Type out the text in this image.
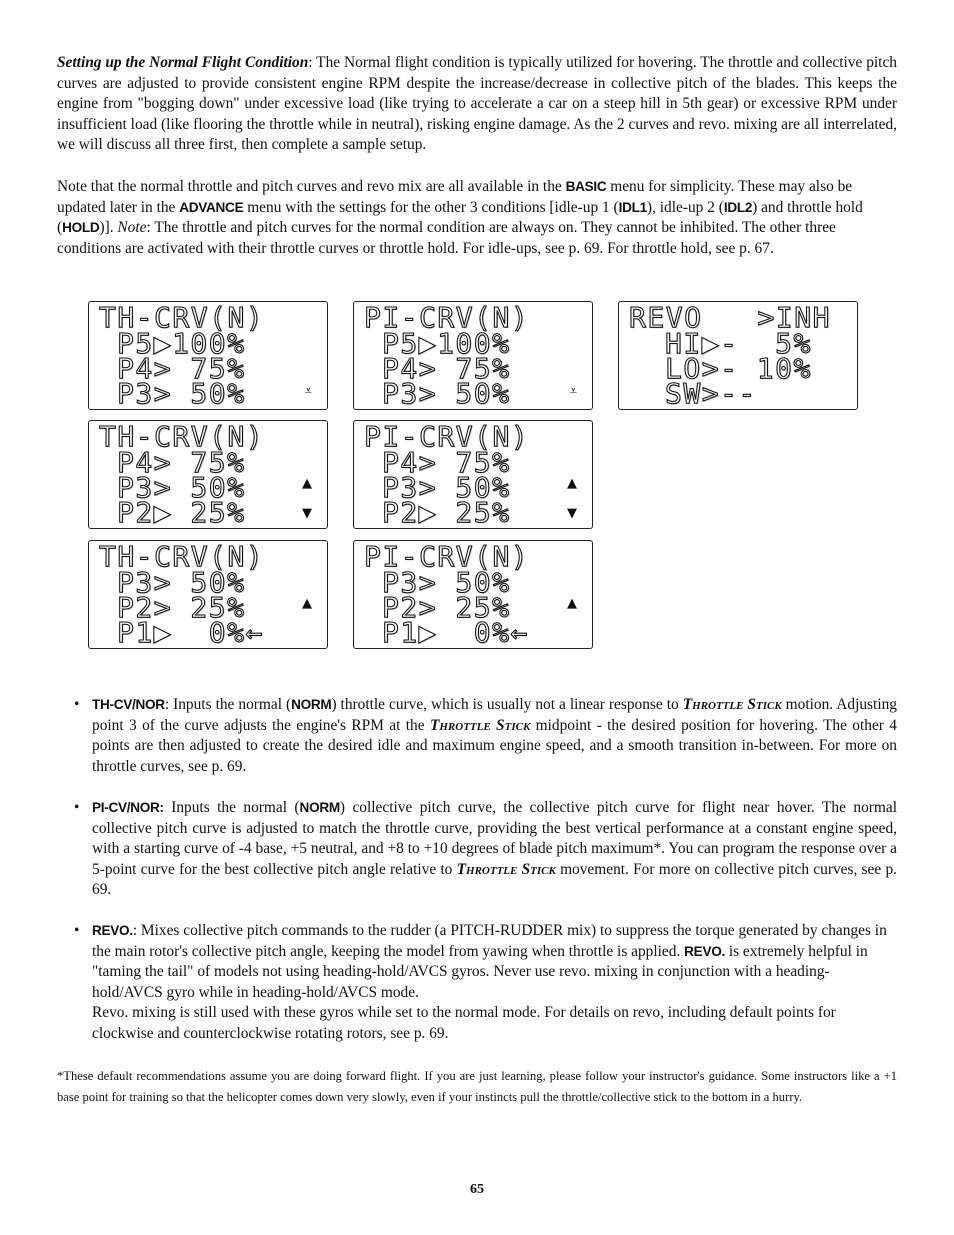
Setting up the Normal Flight Condition: The Normal flight condition is typically utilized for hovering. The throttle and collective pitch curves are adjusted to provide consistent engine RPM despite the increase/decrease in collective pitch of the blades. This keeps the engine from "bogging down" under excessive load (like trying to accelerate a car on a steep hill in 5th gear) or excessive RPM under insufficient load (like flooring the throttle while in neutral), risking engine damage. As the 2 curves and revo. mixing are all interrelated, we will discuss all three first, then complete a sample setup.

Note that the normal throttle and pitch curves and revo mix are all available in the BASIC menu for simplicity. These may also be updated later in the ADVANCE menu with the settings for the other 3 conditions [idle-up 1 (IDL1), idle-up 2 (IDL2) and throttle hold (HOLD)]. Note: The throttle and pitch curves for the normal condition are always on. They cannot be inhibited. The other three conditions are activated with their throttle curves or throttle hold. For idle-ups, see p. 69. For throttle hold, see p. 67.

TH-CRV(N)
P5▶100%
P4> 75%
P3> 50%	⩡
PI-CRV(N)
P5▶100%
P4> 75%
P3> 50%	⩡
REVO   >INH
HI▶-  5%
LO>- 10%
SW>--
TH-CRV(N)
P4> 75%
P3> 50%
P2▶ 25%
▲
▼
PI-CRV(N)
P4> 75%
P3> 50%
P2▶ 25%
▲
▼
TH-CRV(N)
P3> 50%
P2> 25%
P1▶  0%←
▲
PI-CRV(N)
P3> 50%
P2> 25%
P1▶  0%←
▲
• TH-CV/NOR: Inputs the normal (NORM) throttle curve, which is usually not a linear response to Throttle Stick motion. Adjusting point 3 of the curve adjusts the engine's RPM at the Throttle Stick midpoint - the desired position for hovering. The other 4 points are then adjusted to create the desired idle and maximum engine speed, and a smooth transition in-between. For more on throttle curves, see p. 69.
• PI-CV/NOR: Inputs the normal (NORM) collective pitch curve, the collective pitch curve for flight near hover. The normal collective pitch curve is adjusted to match the throttle curve, providing the best vertical performance at a constant engine speed, with a starting curve of -4 base, +5 neutral, and +8 to +10 degrees of blade pitch maximum*. You can program the response over a 5-point curve for the best collective pitch angle relative to Throttle Stick movement. For more on collective pitch curves, see p. 69.
• REVO.: Mixes collective pitch commands to the rudder (a PITCH-RUDDER mix) to suppress the torque generated by changes in the main rotor's collective pitch angle, keeping the model from yawing when throttle is applied. REVO. is extremely helpful in "taming the tail" of models not using heading-hold/AVCS gyros. Never use revo. mixing in conjunction with a heading-hold/AVCS gyro while in heading-hold/AVCS mode.
Revo. mixing is still used with these gyros while set to the normal mode. For details on revo, including default points for clockwise and counterclockwise rotating rotors, see p. 69.
*These default recommendations assume you are doing forward flight. If you are just learning, please follow your instructor's guidance. Some instructors like a +1 base point for training so that the helicopter comes down very slowly, even if your instincts pull the throttle/collective stick to the bottom in a hurry.
65
